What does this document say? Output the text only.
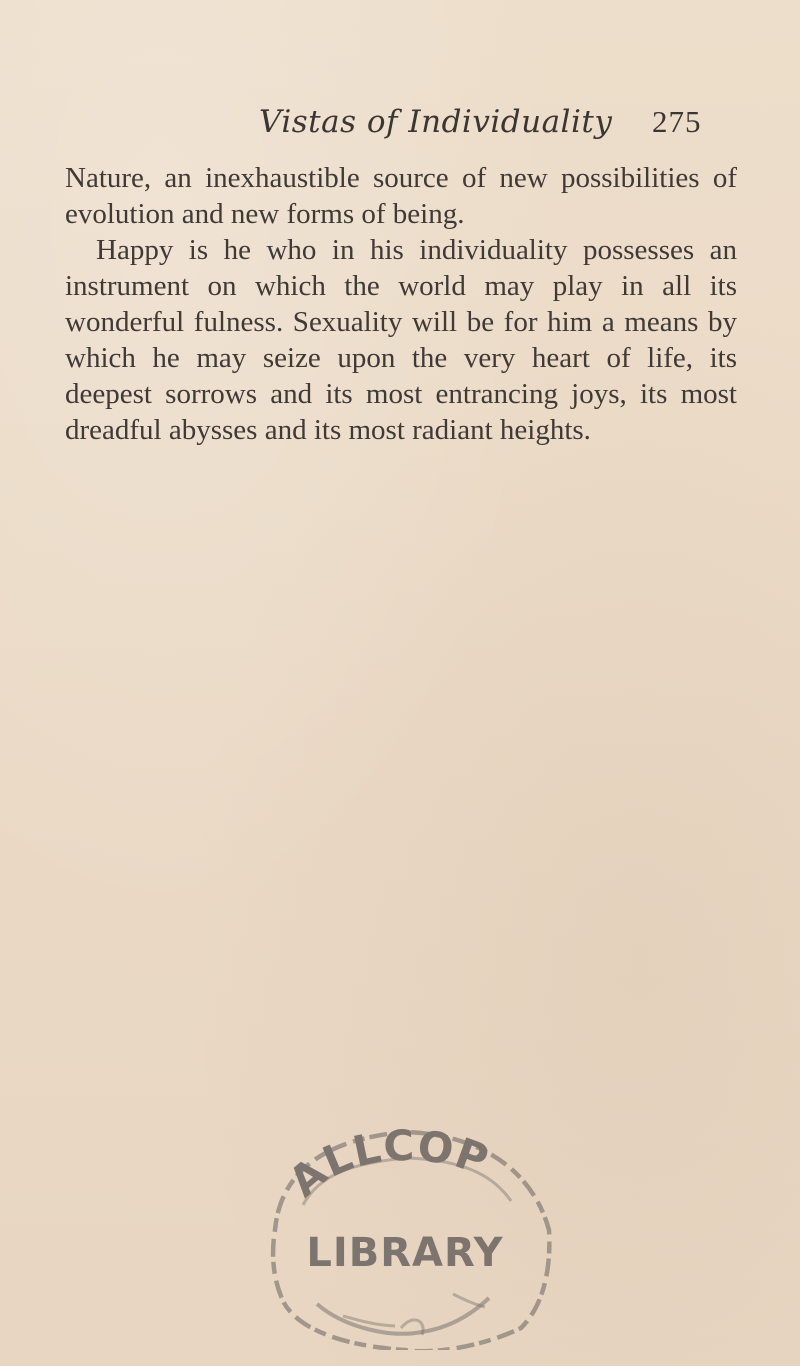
Vistas of Individuality 275

Nature, an inexhaustible source of new possibilities of evolution and new forms of being.

Happy is he who in his individuality possesses an instrument on which the world may play in all its wonderful fulness. Sexuality will be for him a means by which he may seize upon the very heart of life, its deepest sorrows and its most entrancing joys, its most dreadful abysses and its most radiant heights.

ALLCOP
LIBRARY
